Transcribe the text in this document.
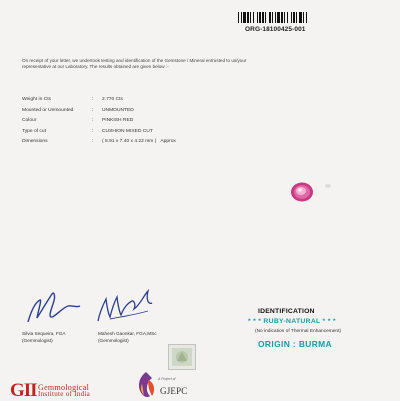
ORG-18100425-001
On receipt of your letter, we undertook testing and identification of the Gemstone / Mineral entrusted to us/your representative at our Laboratory. The results obtained are given below :-
Weight in Cts	: 2.770 Cts
Mounted or Unmounted	: UNMOUNTED
Colour	: PINKISH RED
Type of cut	: CUSHION MIXED CUT
Dimensions	: ( 8.91 x 7.40 x 4.22 mm ) Approx
Silvia Sequeira, FGA
(Gemmologist)
Mahesh Gaonkar, FGA,MSc
(Gemmologist)
IDENTIFICATION
* * * RUBY-NATURAL * * *
(No indication of Thermal Enhancement)
ORIGIN : BURMA
GII Gemmological
Institute of India
A Project of
GJEPC
